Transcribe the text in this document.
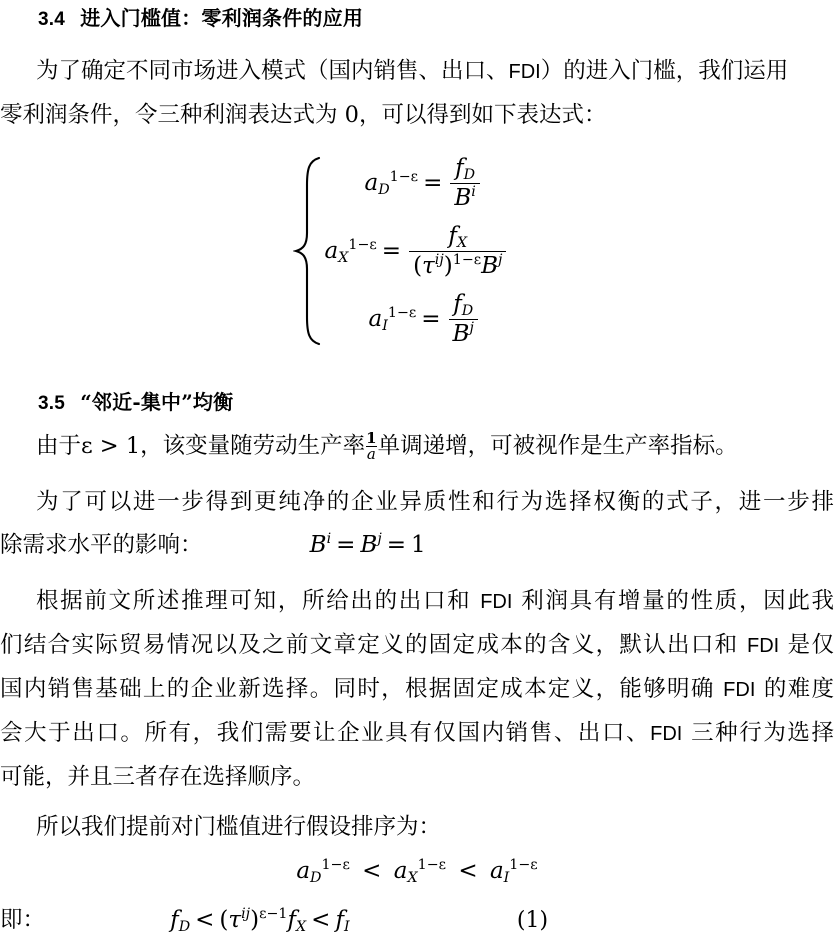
3.4 进入门槛值：零利润条件的应用
为了确定不同市场进入模式（国内销售、出口、FDI）的进入门槛，我们运用
零利润条件，令三种利润表达式为 0，可以得到如下表达式：
$a_D^{1-\varepsilon} = \frac{f_D}{B^i}$
$a_X^{1-\varepsilon} = \frac{f_X}{(\tau^{ij})^{1-\varepsilon}B^j}$
$a_I^{1-\varepsilon} = \frac{f_D}{B^j}$
3.5 “邻近-集中”均衡
由于ε > 1，该变量随劳动生产率 $\frac{1}{a}$ 单调递增，可被视作是生产率指标。
为了可以进一步得到更纯净的企业异质性和行为选择权衡的式子，进一步排
除需求水平的影响：	$B^i = B^j = 1$
根据前文所述推理可知，所给出的出口和 FDI 利润具有增量的性质，因此我
们结合实际贸易情况以及之前文章定义的固定成本的含义，默认出口和 FDI 是仅
国内销售基础上的企业新选择。同时，根据固定成本定义，能够明确 FDI 的难度
会大于出口。所有，我们需要让企业具有仅国内销售、出口、FDI 三种行为选择
可能，并且三者存在选择顺序。
所以我们提前对门槛值进行假设排序为：
$a_D^{1-\varepsilon} < a_X^{1-\varepsilon} < a_I^{1-\varepsilon}$
即：	$f_D < (\tau^{ij})^{\varepsilon-1}f_X < f_I$	(1)
